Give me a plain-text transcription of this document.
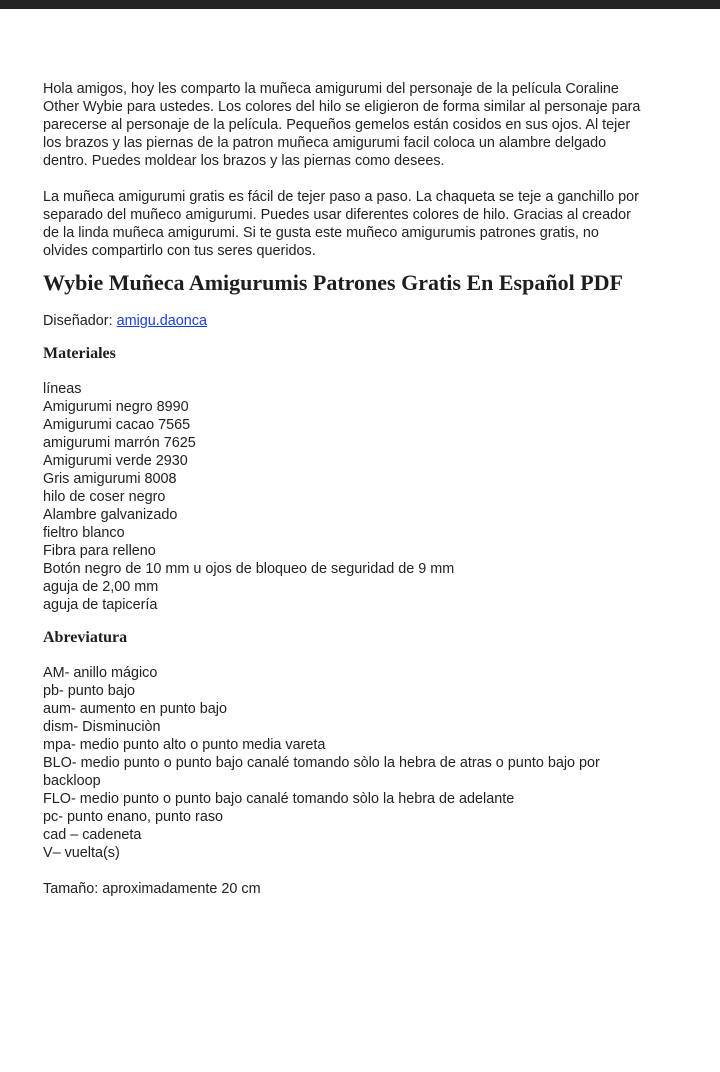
Hola amigos, hoy les comparto la muñeca amigurumi del personaje de la película Coraline Other Wybie para ustedes. Los colores del hilo se eligieron de forma similar al personaje para parecerse al personaje de la película. Pequeños gemelos están cosidos en sus ojos. Al tejer los brazos y las piernas de la patron muñeca amigurumi facil coloca un alambre delgado dentro. Puedes moldear los brazos y las piernas como desees.

La muñeca amigurumi gratis es fácil de tejer paso a paso. La chaqueta se teje a ganchillo por separado del muñeco amigurumi. Puedes usar diferentes colores de hilo. Gracias al creador de la linda muñeca amigurumi. Si te gusta este muñeco amigurumis patrones gratis, no olvides compartirlo con tus seres queridos.

Wybie Muñeca Amigurumis Patrones Gratis En Español PDF

Diseñador: amigu.daonca

Materiales
líneas
Amigurumi negro 8990
Amigurumi cacao 7565
amigurumi marrón 7625
Amigurumi verde 2930
Gris amigurumi 8008
hilo de coser negro
Alambre galvanizado
fieltro blanco
Fibra para relleno
Botón negro de 10 mm u ojos de bloqueo de seguridad de 9 mm
aguja de 2,00 mm
aguja de tapicería
Abreviatura
AM- anillo mágico
pb- punto bajo
aum- aumento en punto bajo
dism- Disminuciòn
mpa- medio punto alto o punto media vareta
BLO- medio punto o punto bajo canalé tomando sòlo la hebra de atras o punto bajo por backloop
FLO- medio punto o punto bajo canalé tomando sòlo la hebra de adelante
pc- punto enano, punto raso
cad – cadeneta
V– vuelta(s)

Tamaño: aproximadamente 20 cm
